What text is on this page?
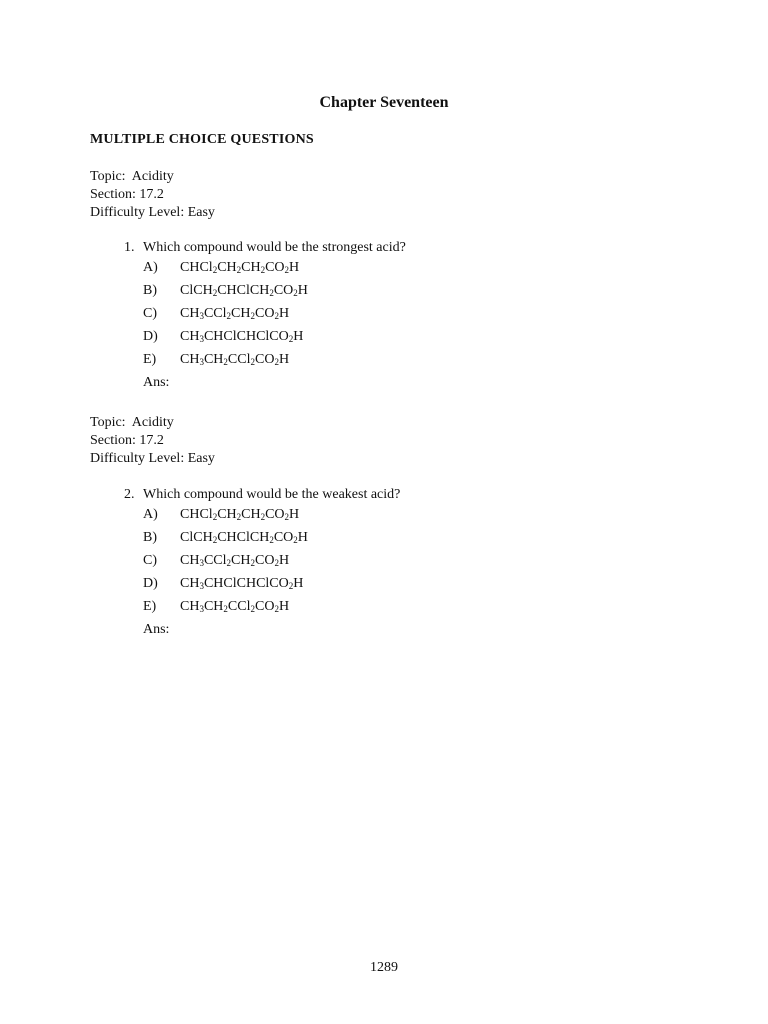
Chapter Seventeen
MULTIPLE CHOICE QUESTIONS
Topic:  Acidity
Section: 17.2
Difficulty Level: Easy
1. Which compound would be the strongest acid?
A)	$CHCl_2CH_2CH_2CO_2H$
B)	$ClCH_2CHClCH_2CO_2H$
C)	$CH_3CCl_2CH_2CO_2H$
D)	$CH_3CHClCHClCO_2H$
E)	$CH_3CH_2CCl_2CO_2H$
Ans:
Topic:  Acidity
Section: 17.2
Difficulty Level: Easy
2. Which compound would be the weakest acid?
A)	$CHCl_2CH_2CH_2CO_2H$
B)	$ClCH_2CHClCH_2CO_2H$
C)	$CH_3CCl_2CH_2CO_2H$
D)	$CH_3CHClCHClCO_2H$
E)	$CH_3CH_2CCl_2CO_2H$
Ans:
1289
